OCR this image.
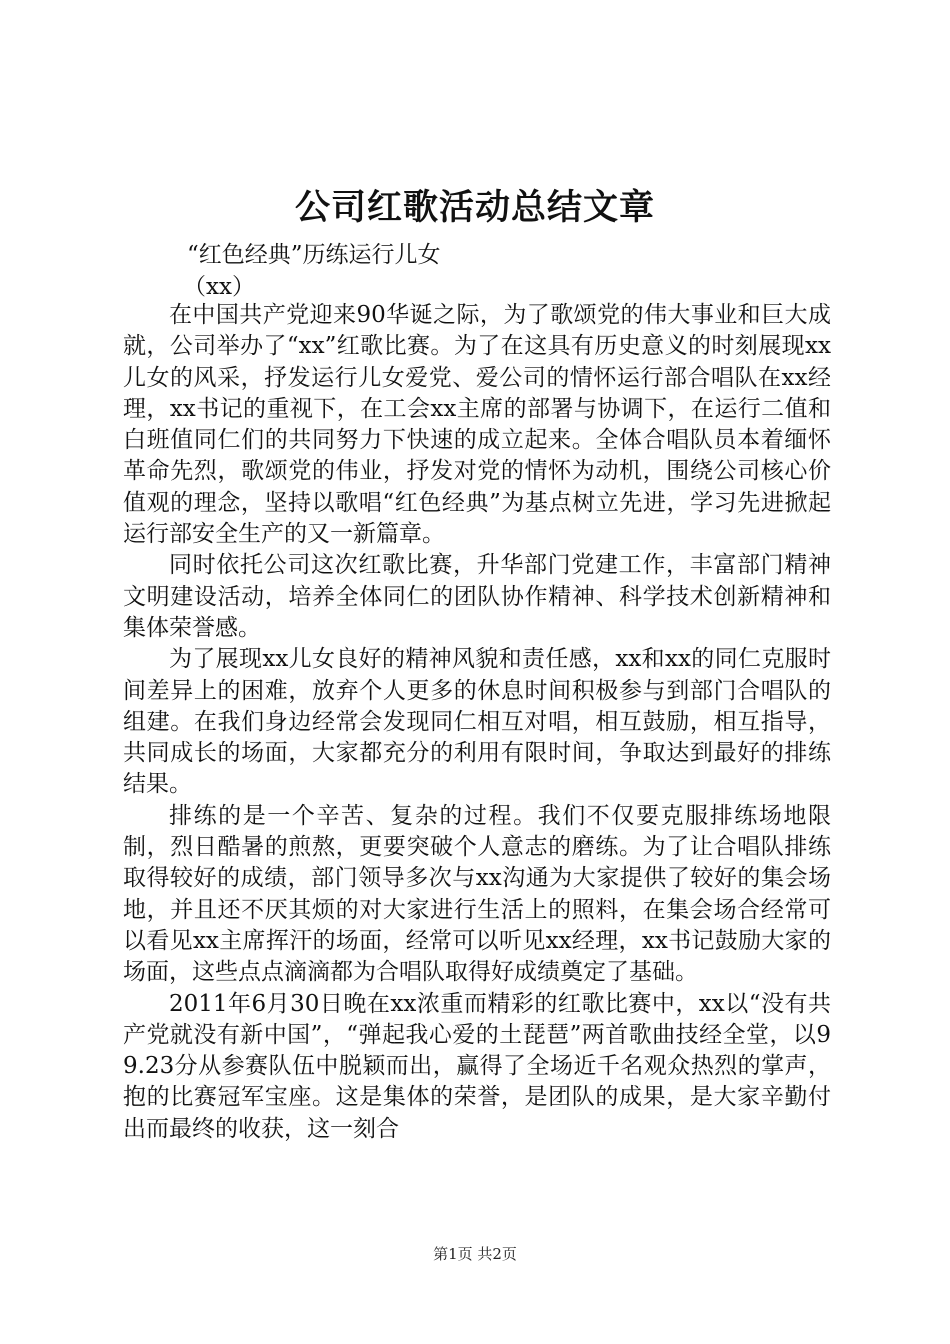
公司红歌活动总结文章
“红色经典”历练运行儿女
（xx）

在中国共产党迎来90华诞之际，为了歌颂党的伟大事业和巨大成就，公司举办了“xx”红歌比赛。为了在这具有历史意义的时刻展现xx儿女的风采，抒发运行儿女爱党、爱公司的情怀运行部合唱队在xx经理，xx书记的重视下，在工会xx主席的部署与协调下，在运行二值和白班值同仁们的共同努力下快速的成立起来。全体合唱队员本着缅怀革命先烈，歌颂党的伟业，抒发对党的情怀为动机，围绕公司核心价值观的理念，坚持以歌唱“红色经典”为基点树立先进，学习先进掀起运行部安全生产的又一新篇章。

同时依托公司这次红歌比赛，升华部门党建工作，丰富部门精神文明建设活动，培养全体同仁的团队协作精神、科学技术创新精神和集体荣誉感。

为了展现xx儿女良好的精神风貌和责任感，xx和xx的同仁克服时间差异上的困难，放弃个人更多的休息时间积极参与到部门合唱队的组建。在我们身边经常会发现同仁相互对唱，相互鼓励，相互指导，共同成长的场面，大家都充分的利用有限时间，争取达到最好的排练结果。

排练的是一个辛苦、复杂的过程。我们不仅要克服排练场地限制，烈日酷暑的煎熬，更要突破个人意志的磨练。为了让合唱队排练取得较好的成绩，部门领导多次与xx沟通为大家提供了较好的集会场地，并且还不厌其烦的对大家进行生活上的照料，在集会场合经常可以看见xx主席挥汗的场面，经常可以听见xx经理，xx书记鼓励大家的场面，这些点点滴滴都为合唱队取得好成绩奠定了基础。

2011年6月30日晚在xx浓重而精彩的红歌比赛中，xx以“没有共产党就没有新中国”，“弹起我心爱的土琵琶”两首歌曲技经全堂，以99.23分从参赛队伍中脱颖而出，赢得了全场近千名观众热烈的掌声，抱的比赛冠军宝座。这是集体的荣誉，是团队的成果，是大家辛勤付出而最终的收获，这一刻合

第1页 共2页
